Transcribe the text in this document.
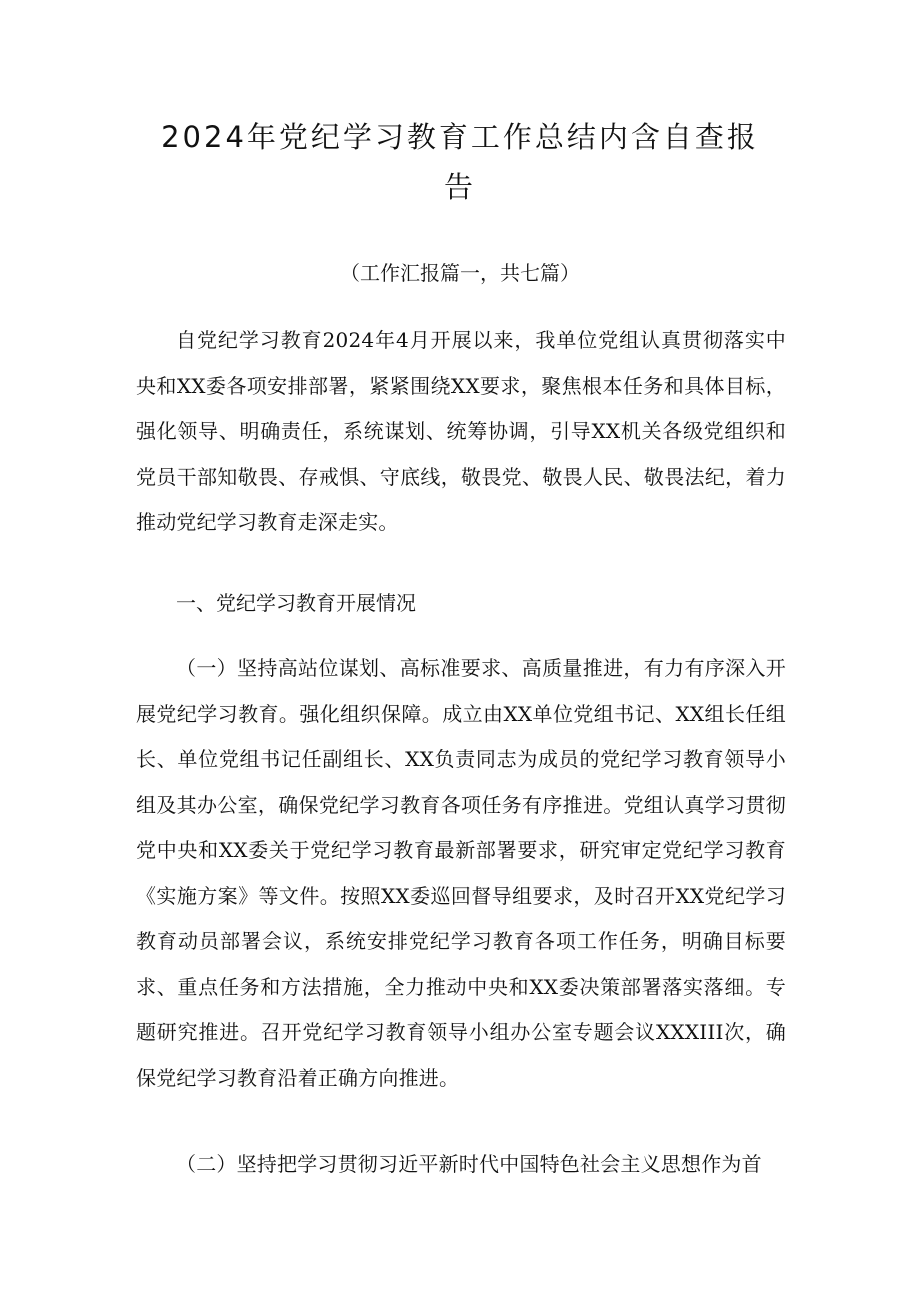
2024年党纪学习教育工作总结内含自查报告

（工作汇报篇一，共七篇）

自党纪学习教育2024年4月开展以来，我单位党组认真贯彻落实中央和XX委各项安排部署，紧紧围绕XX要求，聚焦根本任务和具体目标，强化领导、明确责任，系统谋划、统筹协调，引导XX机关各级党组织和党员干部知敬畏、存戒惧、守底线，敬畏党、敬畏人民、敬畏法纪，着力推动党纪学习教育走深走实。

一、党纪学习教育开展情况

（一）坚持高站位谋划、高标准要求、高质量推进，有力有序深入开展党纪学习教育。强化组织保障。成立由XX单位党组书记、XX组长任组长、单位党组书记任副组长、XX负责同志为成员的党纪学习教育领导小组及其办公室，确保党纪学习教育各项任务有序推进。党组认真学习贯彻党中央和XX委关于党纪学习教育最新部署要求，研究审定党纪学习教育《实施方案》等文件。按照XX委巡回督导组要求，及时召开XX党纪学习教育动员部署会议，系统安排党纪学习教育各项工作任务，明确目标要求、重点任务和方法措施，全力推动中央和XX委决策部署落实落细。专题研究推进。召开党纪学习教育领导小组办公室专题会议XXXIII次，确保党纪学习教育沿着正确方向推进。

（二）坚持把学习贯彻习近平新时代中国特色社会主义思想作为首
